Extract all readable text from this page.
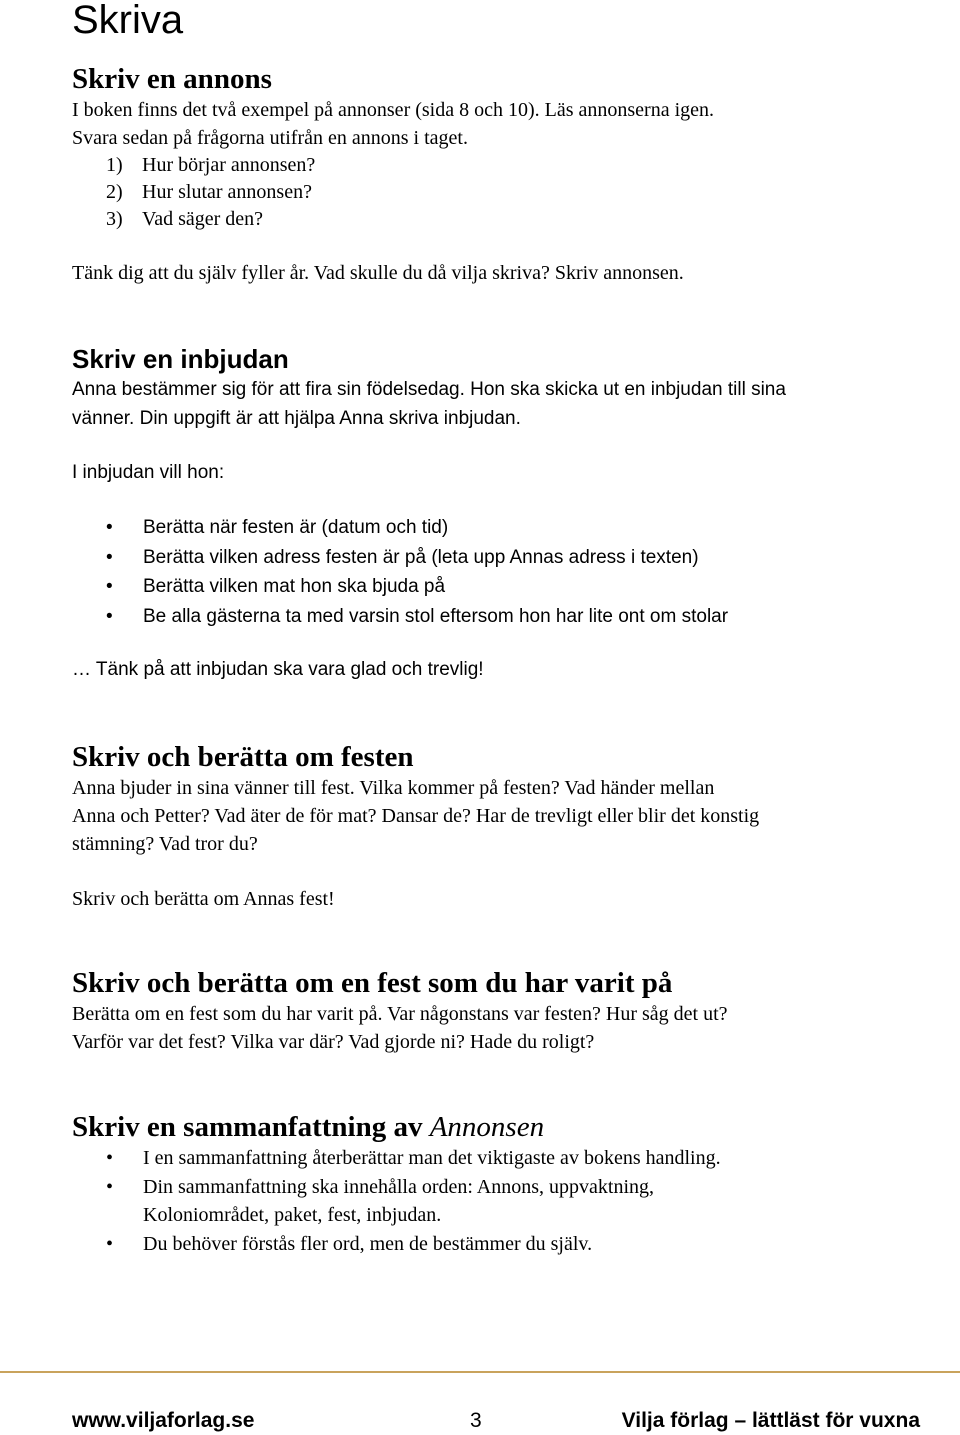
Skriva
Skriv en annons

I boken finns det två exempel på annonser (sida 8 och 10). Läs annonserna igen.

Svara sedan på frågorna utifrån en annons i taget.

1) Hur börjar annonsen?
2) Hur slutar annonsen?
3) Vad säger den?

Tänk dig att du själv fyller år. Vad skulle du då vilja skriva? Skriv annonsen.

Skriv en inbjudan

Anna bestämmer sig för att fira sin födelsedag. Hon ska skicka ut en inbjudan till sina

vänner. Din uppgift är att hjälpa Anna skriva inbjudan.

I inbjudan vill hon:

• Berätta när festen är (datum och tid)
• Berätta vilken adress festen är på (leta upp Annas adress i texten)
• Berätta vilken mat hon ska bjuda på
• Be alla gästerna ta med varsin stol eftersom hon har lite ont om stolar

… Tänk på att inbjudan ska vara glad och trevlig!

Skriv och berätta om festen

Anna bjuder in sina vänner till fest. Vilka kommer på festen? Vad händer mellan

Anna och Petter? Vad äter de för mat? Dansar de? Har de trevligt eller blir det konstig

stämning? Vad tror du?

Skriv och berätta om Annas fest!

Skriv och berätta om en fest som du har varit på

Berätta om en fest som du har varit på. Var någonstans var festen? Hur såg det ut?

Varför var det fest? Vilka var där? Vad gjorde ni? Hade du roligt?

Skriv en sammanfattning av Annonsen
• I en sammanfattning återberättar man det viktigaste av bokens handling.
• Din sammanfattning ska innehålla orden: Annons, uppvaktning,
Koloniområdet, paket, fest, inbjudan.
• Du behöver förstås fler ord, men de bestämmer du själv.
www.viljaforlag.se	3	Vilja förlag – lättläst för vuxna
